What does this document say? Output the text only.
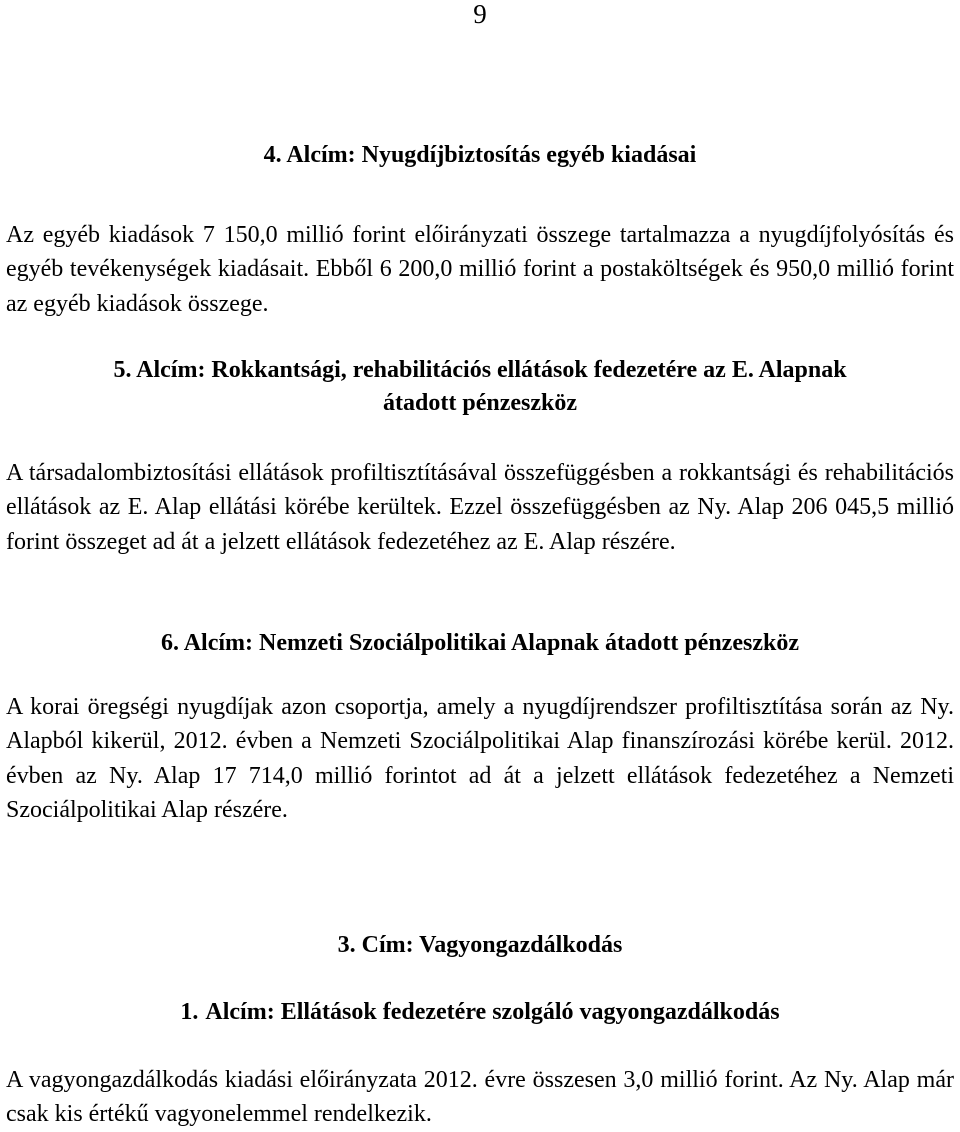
9
4. Alcím: Nyugdíjbiztosítás egyéb kiadásai
Az egyéb kiadások 7 150,0 millió forint előirányzati összege tartalmazza a nyugdíjfolyósítás és egyéb tevékenységek kiadásait. Ebből 6 200,0 millió forint a postaköltségek és 950,0 millió forint az egyéb kiadások összege.
5. Alcím: Rokkantsági, rehabilitációs ellátások fedezetére az E. Alapnak
átadott pénzeszköz
A társadalombiztosítási ellátások profiltisztításával összefüggésben a rokkantsági és rehabilitációs ellátások az E. Alap ellátási körébe kerültek. Ezzel összefüggésben az Ny. Alap 206 045,5 millió forint összeget ad át a jelzett ellátások fedezetéhez az E. Alap részére.
6. Alcím: Nemzeti Szociálpolitikai Alapnak átadott pénzeszköz
A korai öregségi nyugdíjak azon csoportja, amely a nyugdíjrendszer profiltisztítása során az Ny. Alapból kikerül, 2012. évben a Nemzeti Szociálpolitikai Alap finanszírozási körébe kerül. 2012. évben az Ny. Alap 17 714,0 millió forintot ad át a jelzett ellátások fedezetéhez a Nemzeti Szociálpolitikai Alap részére.
3. Cím: Vagyongazdálkodás
1. Alcím: Ellátások fedezetére szolgáló vagyongazdálkodás
A vagyongazdálkodás kiadási előirányzata 2012. évre összesen 3,0 millió forint. Az Ny. Alap már csak kis értékű vagyonelemmel rendelkezik.
